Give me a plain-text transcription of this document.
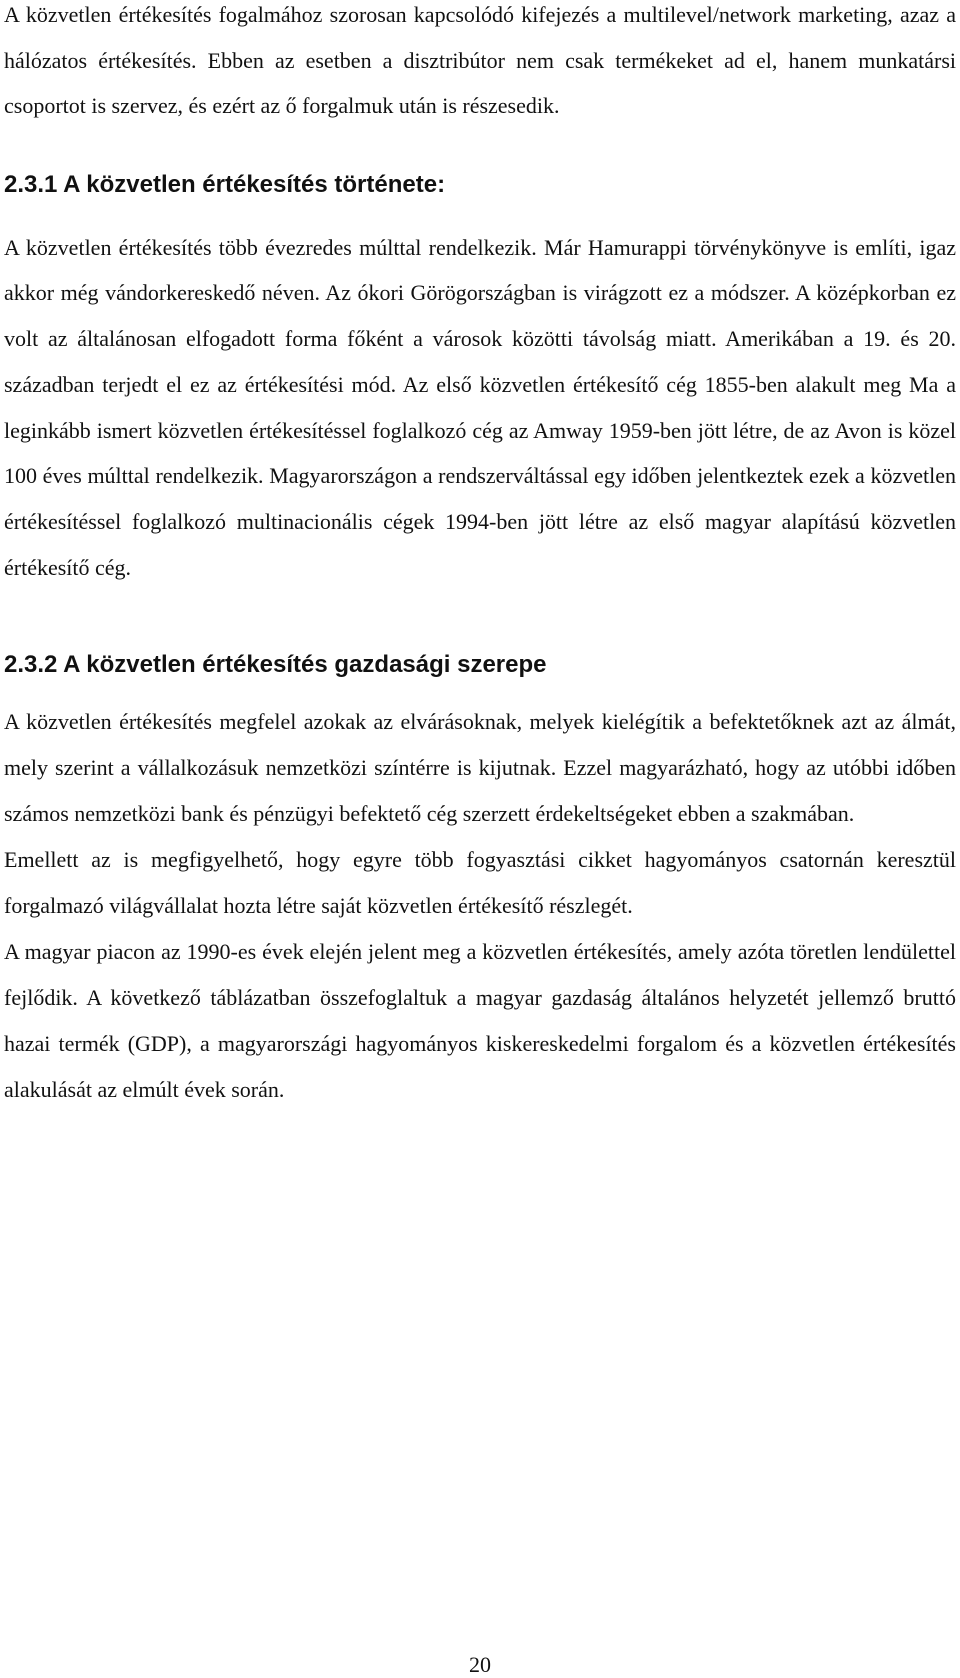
A közvetlen értékesítés fogalmához szorosan kapcsolódó kifejezés a multilevel/network marketing, azaz a hálózatos értékesítés. Ebben az esetben a disztribútor nem csak termékeket ad el, hanem munkatársi csoportot is szervez, és ezért az ő forgalmuk után is részesedik.

2.3.1 A közvetlen értékesítés története:

A közvetlen értékesítés több évezredes múlttal rendelkezik. Már Hamurappi törvénykönyve is említi, igaz akkor még vándorkereskedő néven. Az ókori Görögországban is virágzott ez a módszer. A középkorban ez volt az általánosan elfogadott forma főként a városok közötti távolság miatt. Amerikában a 19. és 20. században terjedt el ez az értékesítési mód. Az első közvetlen értékesítő cég 1855-ben alakult meg Ma a leginkább ismert közvetlen értékesítéssel foglalkozó cég az Amway 1959-ben jött létre, de az Avon is közel 100 éves múlttal rendelkezik. Magyarországon a rendszerváltással egy időben jelentkeztek ezek a közvetlen értékesítéssel foglalkozó multinacionális cégek 1994-ben jött létre az első magyar alapítású közvetlen értékesítő cég.

2.3.2 A közvetlen értékesítés gazdasági szerepe

A közvetlen értékesítés megfelel azokak az elvárásoknak, melyek kielégítik a befektetőknek azt az álmát, mely szerint a vállalkozásuk nemzetközi színtérre is kijutnak. Ezzel magyarázható, hogy az utóbbi időben számos nemzetközi bank és pénzügyi befektető cég szerzett érdekeltségeket ebben a szakmában.

Emellett az is megfigyelhető, hogy egyre több fogyasztási cikket hagyományos csatornán keresztül forgalmazó világvállalat hozta létre saját közvetlen értékesítő részlegét.

A magyar piacon az 1990-es évek elején jelent meg a közvetlen értékesítés, amely azóta töretlen lendülettel fejlődik. A következő táblázatban összefoglaltuk a magyar gazdaság általános helyzetét jellemző bruttó hazai termék (GDP), a magyarországi hagyományos kiskereskedelmi forgalom és a közvetlen értékesítés alakulását az elmúlt évek során.

20
